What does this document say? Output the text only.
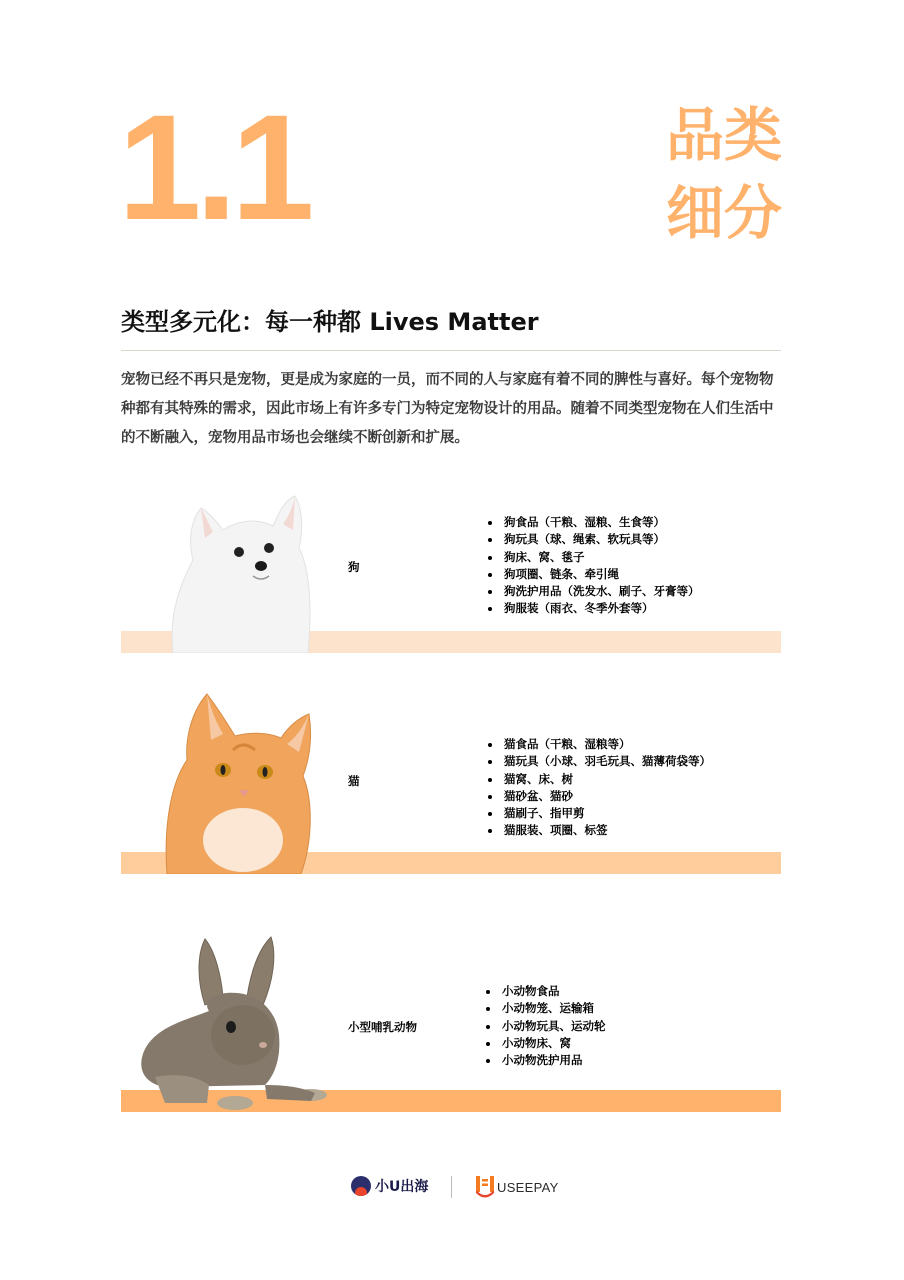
1.1	品类细分
类型多元化：每一种都 Lives Matter
宠物已经不再只是宠物，更是成为家庭的一员，而不同的人与家庭有着不同的脾性与喜好。每个宠物物种都有其特殊的需求，因此市场上有许多专门为特定宠物设计的用品。随着不同类型宠物在人们生活中的不断融入，宠物用品市场也会继续不断创新和扩展。
狗
• 狗食品（干粮、湿粮、生食等）
• 狗玩具（球、绳索、软玩具等）
• 狗床、窝、毯子
• 狗项圈、链条、牵引绳
• 狗洗护用品（洗发水、刷子、牙膏等）
• 狗服装（雨衣、冬季外套等）
猫
• 猫食品（干粮、湿粮等）
• 猫玩具（小球、羽毛玩具、猫薄荷袋等）
• 猫窝、床、树
• 猫砂盆、猫砂
• 猫刷子、指甲剪
• 猫服装、项圈、标签
小型哺乳动物
• 小动物食品
• 小动物笼、运输箱
• 小动物玩具、运动轮
• 小动物床、窝
• 小动物洗护用品
小U出海	USEEPAY
